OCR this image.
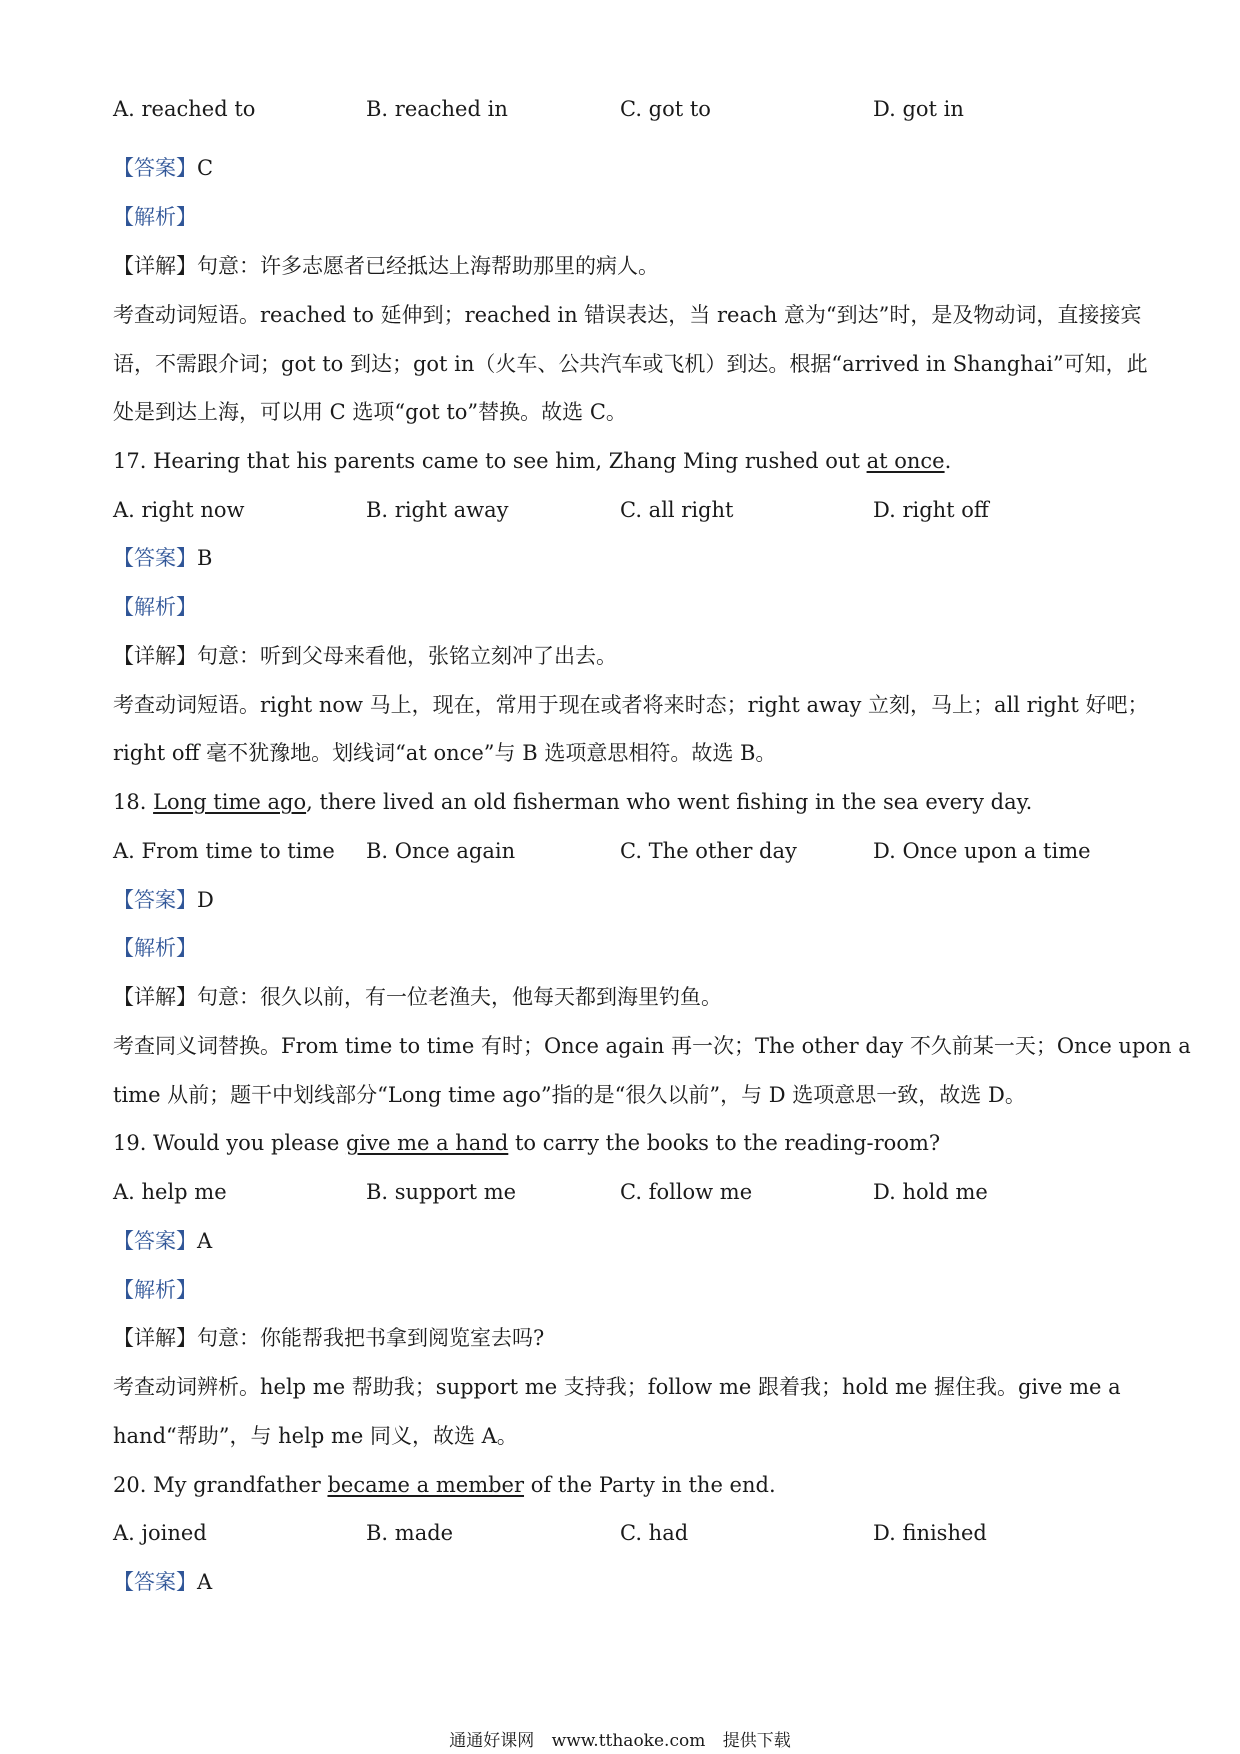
A. reached to	B. reached in	C. got to	D. got in
【答案】C
【解析】
【详解】句意：许多志愿者已经抵达上海帮助那里的病人。
考查动词短语。reached to 延伸到；reached in 错误表达，当 reach 意为“到达”时，是及物动词，直接接宾
语，不需跟介词；got to 到达；got in（火车、公共汽车或飞机）到达。根据“arrived in Shanghai”可知，此
处是到达上海，可以用 C 选项“got to”替换。故选 C。
17. Hearing that his parents came to see him, Zhang Ming rushed out at once.
A. right now	B. right away	C. all right	D. right off
【答案】B
【解析】
【详解】句意：听到父母来看他，张铭立刻冲了出去。
考查动词短语。right now 马上，现在，常用于现在或者将来时态；right away 立刻，马上；all right 好吧；
right off 毫不犹豫地。划线词“at once”与 B 选项意思相符。故选 B。
18. Long time ago, there lived an old fisherman who went fishing in the sea every day.
A. From time to time B. Once again	C. The other day	D. Once upon a time
【答案】D
【解析】
【详解】句意：很久以前，有一位老渔夫，他每天都到海里钓鱼。
考查同义词替换。From time to time 有时；Once again 再一次；The other day 不久前某一天；Once upon a
time 从前；题干中划线部分“Long time ago”指的是“很久以前”，与 D 选项意思一致，故选 D。
19. Would you please give me a hand to carry the books to the reading-room?
A. help me	B. support me	C. follow me	D. hold me
【答案】A
【解析】
【详解】句意：你能帮我把书拿到阅览室去吗?
考查动词辨析。help me 帮助我；support me 支持我；follow me 跟着我；hold me 握住我。give me a
hand“帮助”，与 help me 同义，故选 A。
20. My grandfather became a member of the Party in the end.
A. joined	B. made	C. had	D. finished
【答案】A
通通好课网 www.tthaoke.com 提供下载
